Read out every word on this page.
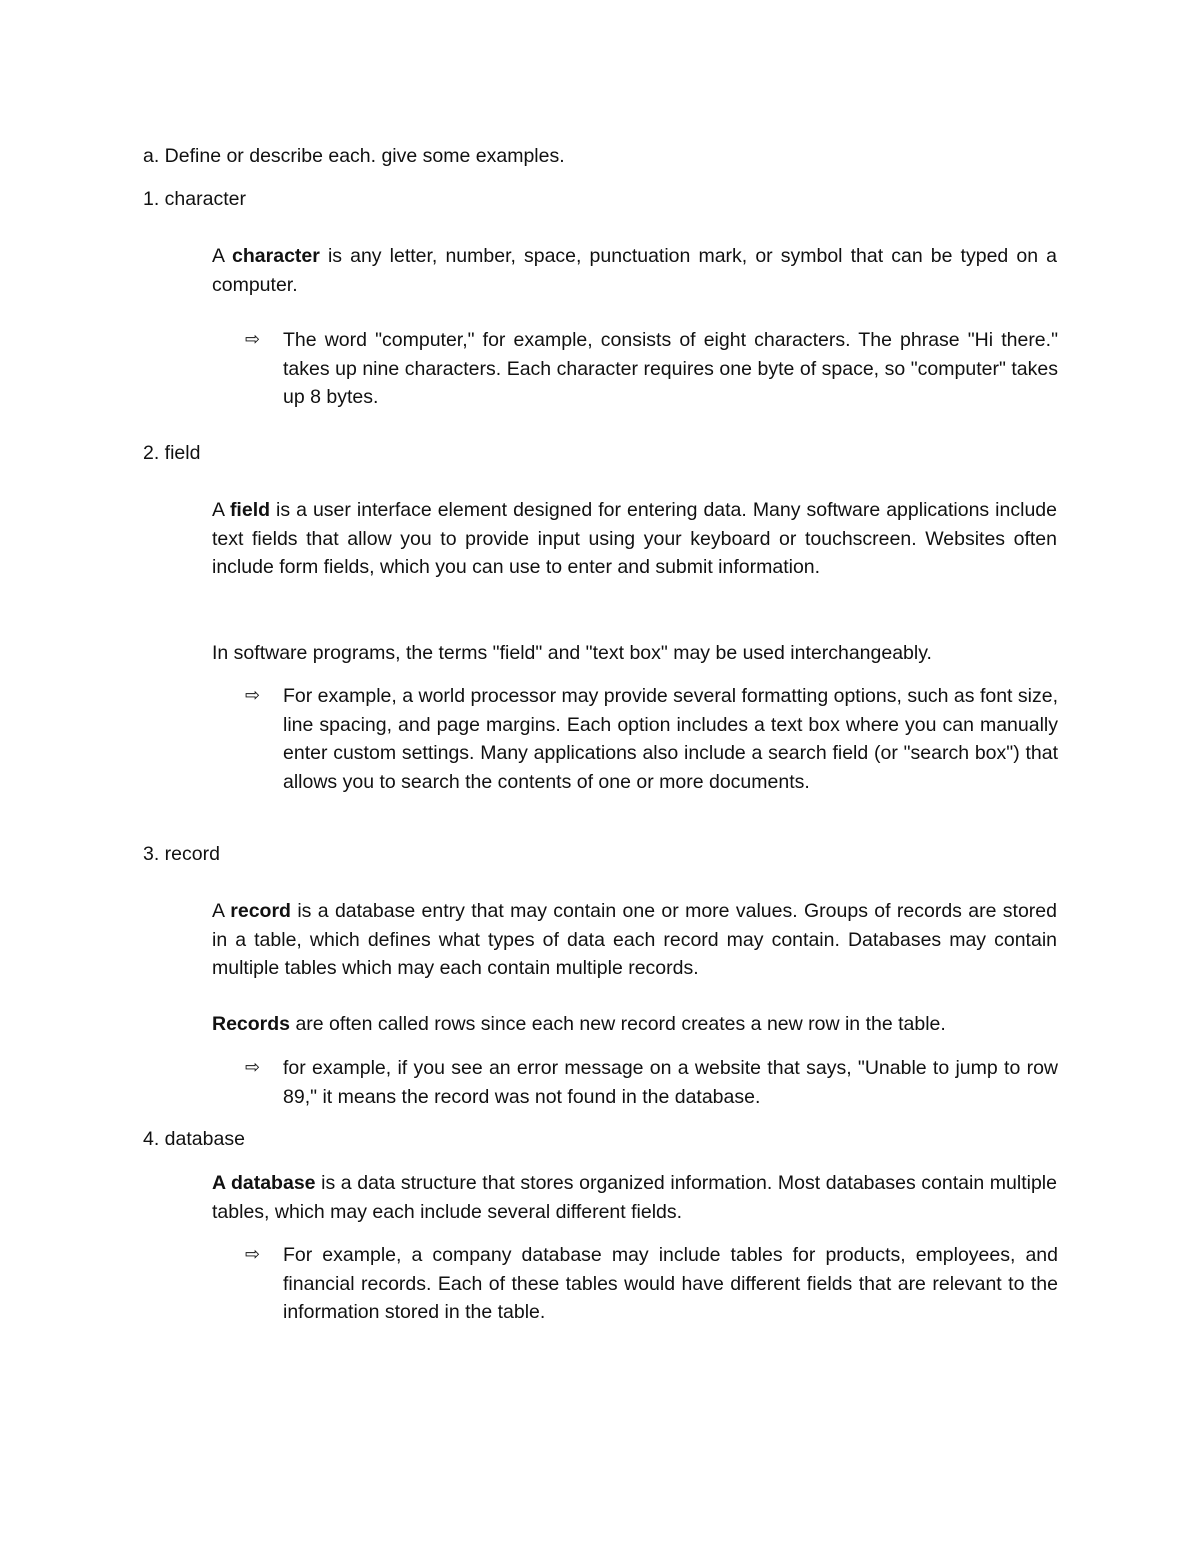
a. Define or describe each. give some examples.
1. character
A character is any letter, number, space, punctuation mark, or symbol that can be typed on a computer.
⇨ The word "computer," for example, consists of eight characters. The phrase "Hi there." takes up nine characters. Each character requires one byte of space, so "computer" takes up 8 bytes.
2. field
A field is a user interface element designed for entering data. Many software applications include text fields that allow you to provide input using your keyboard or touchscreen. Websites often include form fields, which you can use to enter and submit information.
In software programs, the terms "field" and "text box" may be used interchangeably.
⇨ For example, a world processor may provide several formatting options, such as font size, line spacing, and page margins. Each option includes a text box where you can manually enter custom settings. Many applications also include a search field (or "search box") that allows you to search the contents of one or more documents.
3. record
A record is a database entry that may contain one or more values. Groups of records are stored in a table, which defines what types of data each record may contain. Databases may contain multiple tables which may each contain multiple records.
Records are often called rows since each new record creates a new row in the table.
⇨ for example, if you see an error message on a website that says, "Unable to jump to row 89," it means the record was not found in the database.
4. database
A database is a data structure that stores organized information. Most databases contain multiple tables, which may each include several different fields.
⇨ For example, a company database may include tables for products, employees, and financial records. Each of these tables would have different fields that are relevant to the information stored in the table.
